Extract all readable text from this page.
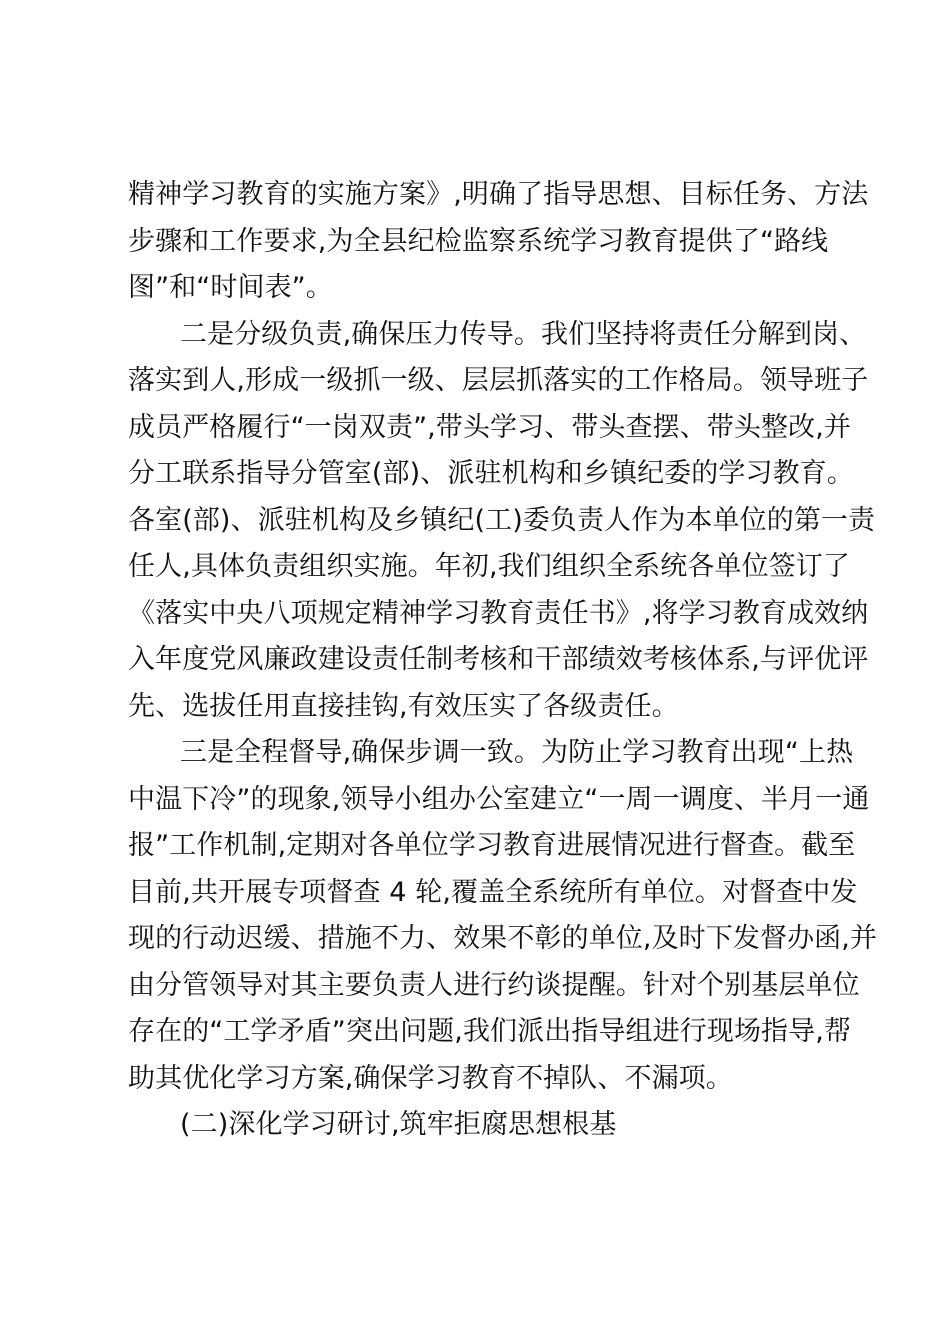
精神学习教育的实施方案》,明确了指导思想、目标任务、方法
步骤和工作要求,为全县纪检监察系统学习教育提供了“路线
图”和“时间表”。
二是分级负责,确保压力传导。我们坚持将责任分解到岗、
落实到人,形成一级抓一级、层层抓落实的工作格局。领导班子
成员严格履行“一岗双责”,带头学习、带头查摆、带头整改,并
分工联系指导分管室(部)、派驻机构和乡镇纪委的学习教育。
各室(部)、派驻机构及乡镇纪(工)委负责人作为本单位的第一责
任人,具体负责组织实施。年初,我们组织全系统各单位签订了
《落实中央八项规定精神学习教育责任书》,将学习教育成效纳
入年度党风廉政建设责任制考核和干部绩效考核体系,与评优评
先、选拔任用直接挂钩,有效压实了各级责任。
三是全程督导,确保步调一致。为防止学习教育出现“上热
中温下冷”的现象,领导小组办公室建立“一周一调度、半月一通
报”工作机制,定期对各单位学习教育进展情况进行督查。截至
目前,共开展专项督查 4 轮,覆盖全系统所有单位。对督查中发
现的行动迟缓、措施不力、效果不彰的单位,及时下发督办函,并
由分管领导对其主要负责人进行约谈提醒。针对个别基层单位
存在的“工学矛盾”突出问题,我们派出指导组进行现场指导,帮
助其优化学习方案,确保学习教育不掉队、不漏项。
(二)深化学习研讨,筑牢拒腐思想根基
